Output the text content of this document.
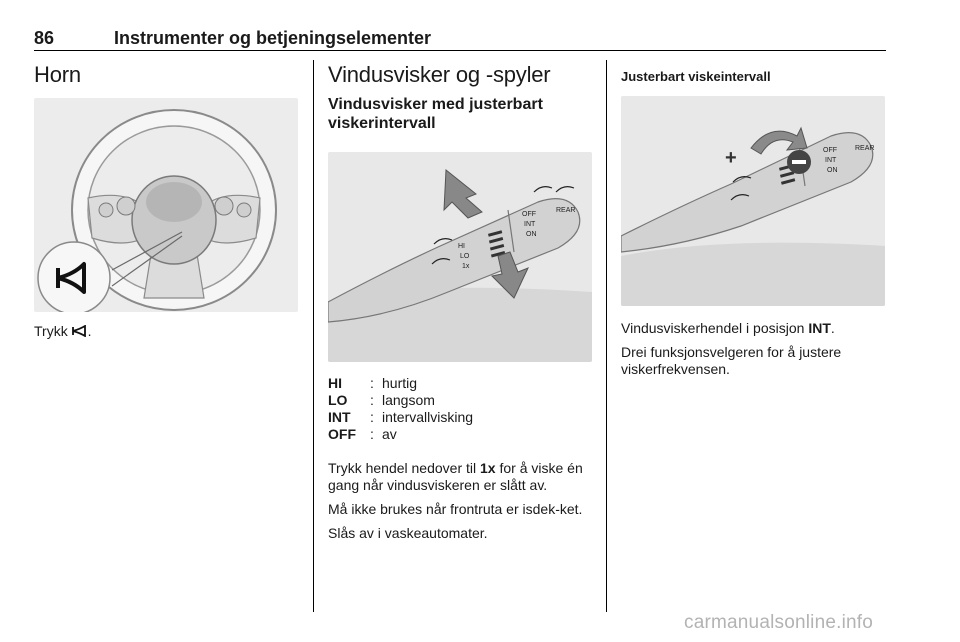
86	Instrumenter og betjeningselementer
Horn

Trykk .

Vindusvisker og -spyler
Vindusvisker med justerbart viskerintervall
OFF
INT
ON
REAR
HI
LO
1x
HI	:	hurtig
LO	:	langsom
INT	:	intervallvisking
OFF	:	av

Trykk hendel nedover til 1x for å viske én gang når vindusviskeren er slått av.

Må ikke brukes når frontruta er isdek-ket.

Slås av i vaskeautomater.

Justerbart viskeintervall
OFF
INT
ON
REAR
+

Vindusviskerhendel i posisjon INT.

Drei funksjonsvelgeren for å justere viskerfrekvensen.

carmanualsonline.info
